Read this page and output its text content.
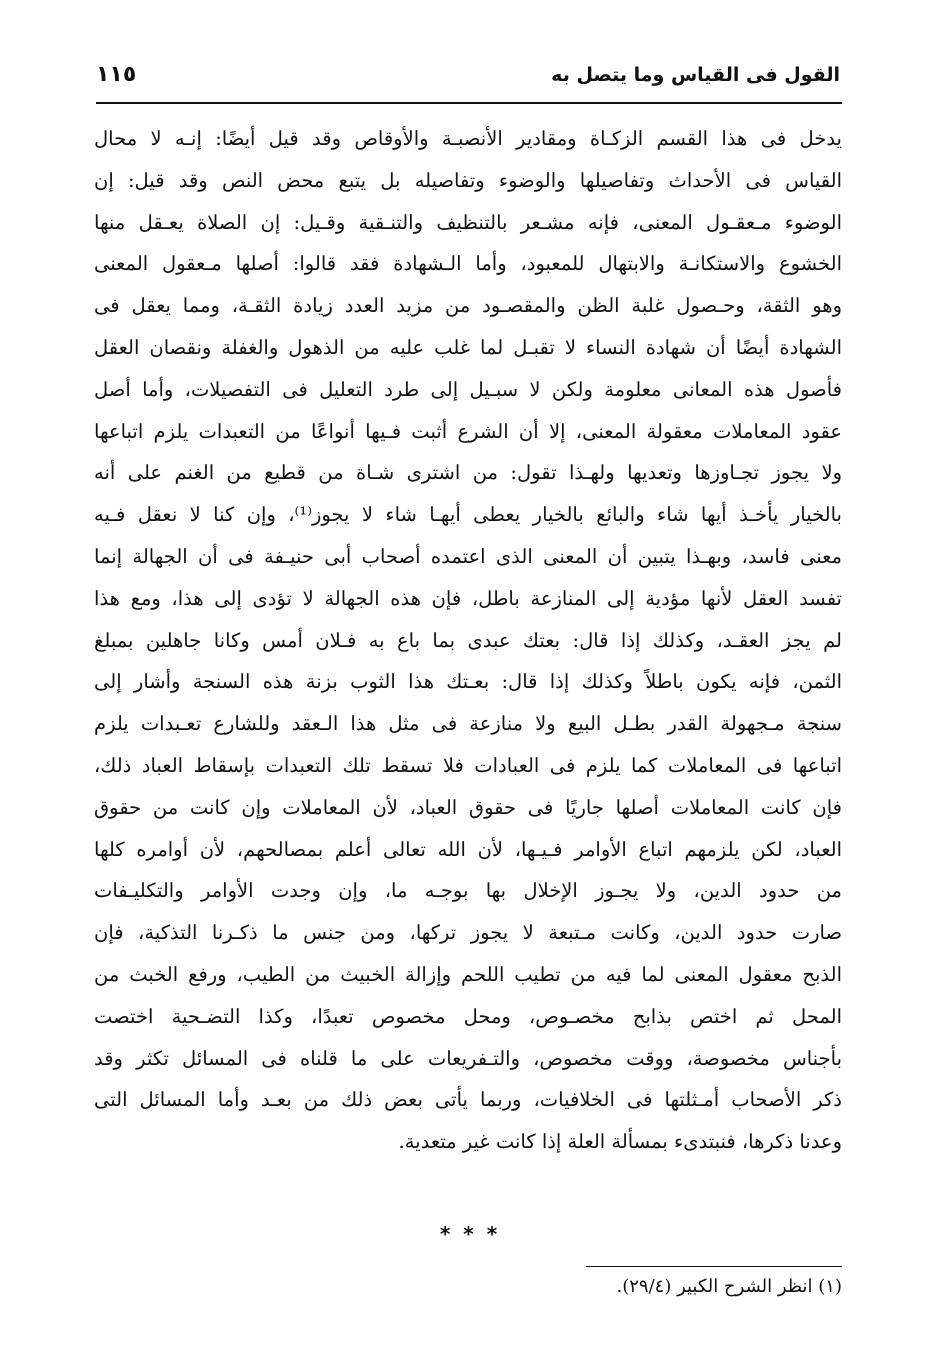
القول فى القياس وما يتصل به
١١٥
يدخل فى هذا القسم الزكـاة ومقادير الأنصبـة والأوقاص وقد قيل أيضًا: إنـه لا محال
القياس فى الأحداث وتفاصيلها والوضوء وتفاصيله بل يتبع محض النص وقد قيل: إن
الوضوء مـعقـول المعنى، فإنه مشـعر بالتنظيف والتنـقية وقـيل: إن الصلاة يعـقل منها
الخشوع والاستكانـة والابتهال للمعبود، وأما الـشهادة فقد قالوا: أصلها مـعقول المعنى
وهو الثقة، وحـصول غلبة الظن والمقصـود من مزيد العدد زيادة الثقـة، ومما يعقل فى
الشهادة أيضًا أن شهادة النساء لا تقبـل لما غلب عليه من الذهول والغفلة ونقصان العقل
فأصول هذه المعانى معلومة ولكن لا سبـيل إلى طرد التعليل فى التفصيلات، وأما أصل
عقود المعاملات معقولة المعنى، إلا أن الشرع أثبت فـيها أنواعًا من التعبدات يلزم اتباعها
ولا يجوز تجـاوزها وتعديها ولهـذا تقول: من اشترى شـاة من قطيع من الغنم على أنه
بالخيار يأخـذ أيها شاء والبائع بالخيار يعطى أيهـا شاء لا يجوز⁽¹⁾، وإن كنا لا نعقل فـيه
معنى فاسد، وبهـذا يتبين أن المعنى الذى اعتمده أصحاب أبى حنيـفة فى أن الجهالة إنما
تفسد العقل لأنها مؤدية إلى المنازعة باطل، فإن هذه الجهالة لا تؤدى إلى هذا، ومع هذا
لم يجز العقـد، وكذلك إذا قال: بعتك عبدى بما باع به فـلان أمس وكانا جاهلين بمبلغ
الثمن، فإنه يكون باطلاً وكذلك إذا قال: بعـتك هذا الثوب بزنة هذه السنجة وأشار إلى
سنجة مـجهولة القدر بطـل البيع ولا منازعة فى مثل هذا الـعقد وللشارع تعـبدات يلزم
اتباعها فى المعاملات كما يلزم فى العبادات فلا تسقط تلك التعبدات بإسقاط العباد ذلك،
فإن كانت المعاملات أصلها جاريًا فى حقوق العباد، لأن المعاملات وإن كانت من حقوق
العباد، لكن يلزمهم اتباع الأوامر فـيـها، لأن الله تعالى أعلم بمصالحهم، لأن أوامره كلها
من حدود الدين، ولا يجـوز الإخلال بها بوجـه ما، وإن وجدت الأوامر والتكليـفات
صارت حدود الدين، وكانت مـتبعة لا يجوز تركها، ومن جنس ما ذكـرنا التذكية، فإن
الذبح معقول المعنى لما فيه من تطيب اللحم وإزالة الخبيث من الطيب، ورفع الخبث من
المحل ثم اختص بذابح مخصـوص، ومحل مخصوص تعبدًا، وكذا التضـحية اختصت
بأجناس مخصوصة، ووقت مخصوص، والتـفريعات على ما قلناه فى المسائل تكثر وقد
ذكر الأصحاب أمـثلتها فى الخلافيات، وربما يأتى بعض ذلك من بعـد وأما المسائل التى
وعدنا ذكرها، فنبتدىء بمسألة العلة إذا كانت غير متعدية.
* * *
(١) انظر الشرح الكبير (٢٩/٤).
